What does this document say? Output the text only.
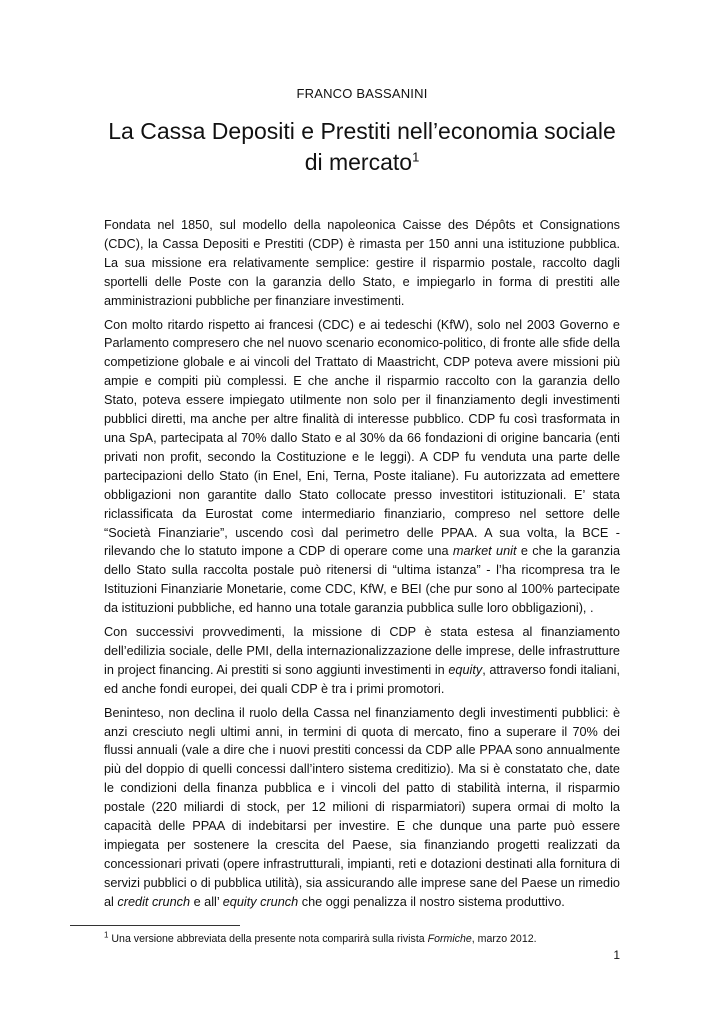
FRANCO BASSANINI
La Cassa Depositi e Prestiti nell’economia sociale di mercato$^1$

Fondata nel 1850, sul modello della napoleonica Caisse des Dépôts et Consignations (CDC), la Cassa Depositi e Prestiti (CDP) è rimasta per 150 anni una istituzione pubblica. La sua missione era relativamente semplice: gestire il risparmio postale, raccolto dagli sportelli delle Poste con la garanzia dello Stato, e impiegarlo in forma di prestiti alle amministrazioni pubbliche per finanziare investimenti.

Con molto ritardo rispetto ai francesi (CDC) e ai tedeschi (KfW), solo nel 2003 Governo e Parlamento compresero che nel nuovo scenario economico-politico, di fronte alle sfide della competizione globale e ai vincoli del Trattato di Maastricht, CDP poteva avere missioni più ampie e compiti più complessi. E che anche il risparmio raccolto con la garanzia dello Stato, poteva essere impiegato utilmente non solo per il finanziamento degli investimenti pubblici diretti, ma anche per altre finalità di interesse pubblico. CDP fu così trasformata in una SpA, partecipata al 70% dallo Stato e al 30% da 66 fondazioni di origine bancaria (enti privati non profit, secondo la Costituzione e le leggi). A CDP fu venduta una parte delle partecipazioni dello Stato (in Enel, Eni, Terna, Poste italiane). Fu autorizzata ad emettere obbligazioni non garantite dallo Stato collocate presso investitori istituzionali. E’ stata riclassificata da Eurostat come intermediario finanziario, compreso nel settore delle “Società Finanziarie”, uscendo così dal perimetro delle PPAA. A sua volta, la BCE - rilevando che lo statuto impone a CDP di operare come una market unit e che la garanzia dello Stato sulla raccolta postale può ritenersi di “ultima istanza” - l’ha ricompresa tra le Istituzioni Finanziarie Monetarie, come CDC, KfW, e BEI (che pur sono al 100% partecipate da istituzioni pubbliche, ed hanno una totale garanzia pubblica sulle loro obbligazioni), .

Con successivi provvedimenti, la missione di CDP è stata estesa al finanziamento dell’edilizia sociale, delle PMI, della internazionalizzazione delle imprese, delle infrastrutture in project financing. Ai prestiti si sono aggiunti investimenti in equity, attraverso fondi italiani, ed anche fondi europei, dei quali CDP è tra i primi promotori.

Beninteso, non declina il ruolo della Cassa nel finanziamento degli investimenti pubblici: è anzi cresciuto negli ultimi anni, in termini di quota di mercato, fino a superare il 70% dei flussi annuali (vale a dire che i nuovi prestiti concessi da CDP alle PPAA sono annualmente più del doppio di quelli concessi dall’intero sistema creditizio). Ma si è constatato che, date le condizioni della finanza pubblica e i vincoli del patto di stabilità interna, il risparmio postale (220 miliardi di stock, per 12 milioni di risparmiatori) supera ormai di molto la capacità delle PPAA di indebitarsi per investire. E che dunque una parte può essere impiegata per sostenere la crescita del Paese, sia finanziando progetti realizzati da concessionari privati (opere infrastrutturali, impianti, reti e dotazioni destinati alla fornitura di servizi pubblici o di pubblica utilità), sia assicurando alle imprese sane del Paese un rimedio al credit crunch e all’ equity crunch che oggi penalizza il nostro sistema produttivo.

$^1$ Una versione abbreviata della presente nota comparirà sulla rivista Formiche, marzo 2012.
1
